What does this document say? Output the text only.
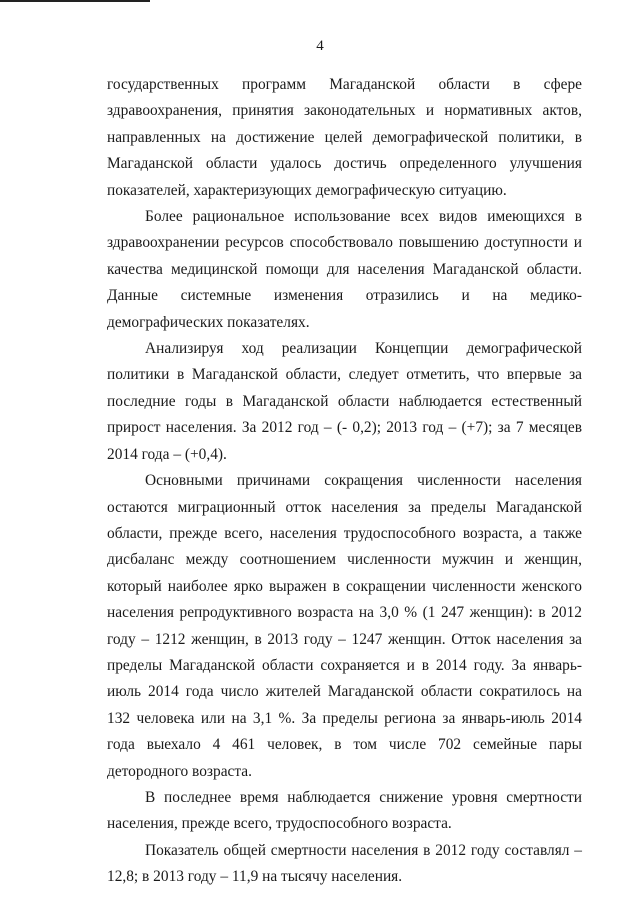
4

государственных программ Магаданской области в сфере здравоохранения, принятия законодательных и нормативных актов, направленных на достижение целей демографической политики, в Магаданской области удалось достичь определенного улучшения показателей, характеризующих демографическую ситуацию.

Более рациональное использование всех видов имеющихся в здравоохранении ресурсов способствовало повышению доступности и качества медицинской помощи для населения Магаданской области. Данные системные изменения отразились и на медико-демографических показателях.

Анализируя ход реализации Концепции демографической политики в Магаданской области, следует отметить, что впервые за последние годы в Магаданской области наблюдается естественный прирост населения. За 2012 год – (- 0,2); 2013 год – (+7); за 7 месяцев 2014 года – (+0,4).

Основными причинами сокращения численности населения остаются миграционный отток населения за пределы Магаданской области, прежде всего, населения трудоспособного возраста, а также дисбаланс между соотношением численности мужчин и женщин, который наиболее ярко выражен в сокращении численности женского населения репродуктивного возраста на 3,0 % (1 247 женщин): в 2012 году – 1212 женщин, в 2013 году – 1247 женщин. Отток населения за пределы Магаданской области сохраняется и в 2014 году. За январь-июль 2014 года число жителей Магаданской области сократилось на 132 человека или на 3,1 %. За пределы региона за январь-июль 2014 года выехало 4 461 человек, в том числе 702 семейные пары детородного возраста.

В последнее время наблюдается снижение уровня смертности населения, прежде всего, трудоспособного возраста.

Показатель общей смертности населения в 2012 году составлял – 12,8; в 2013 году – 11,9 на тысячу населения.
